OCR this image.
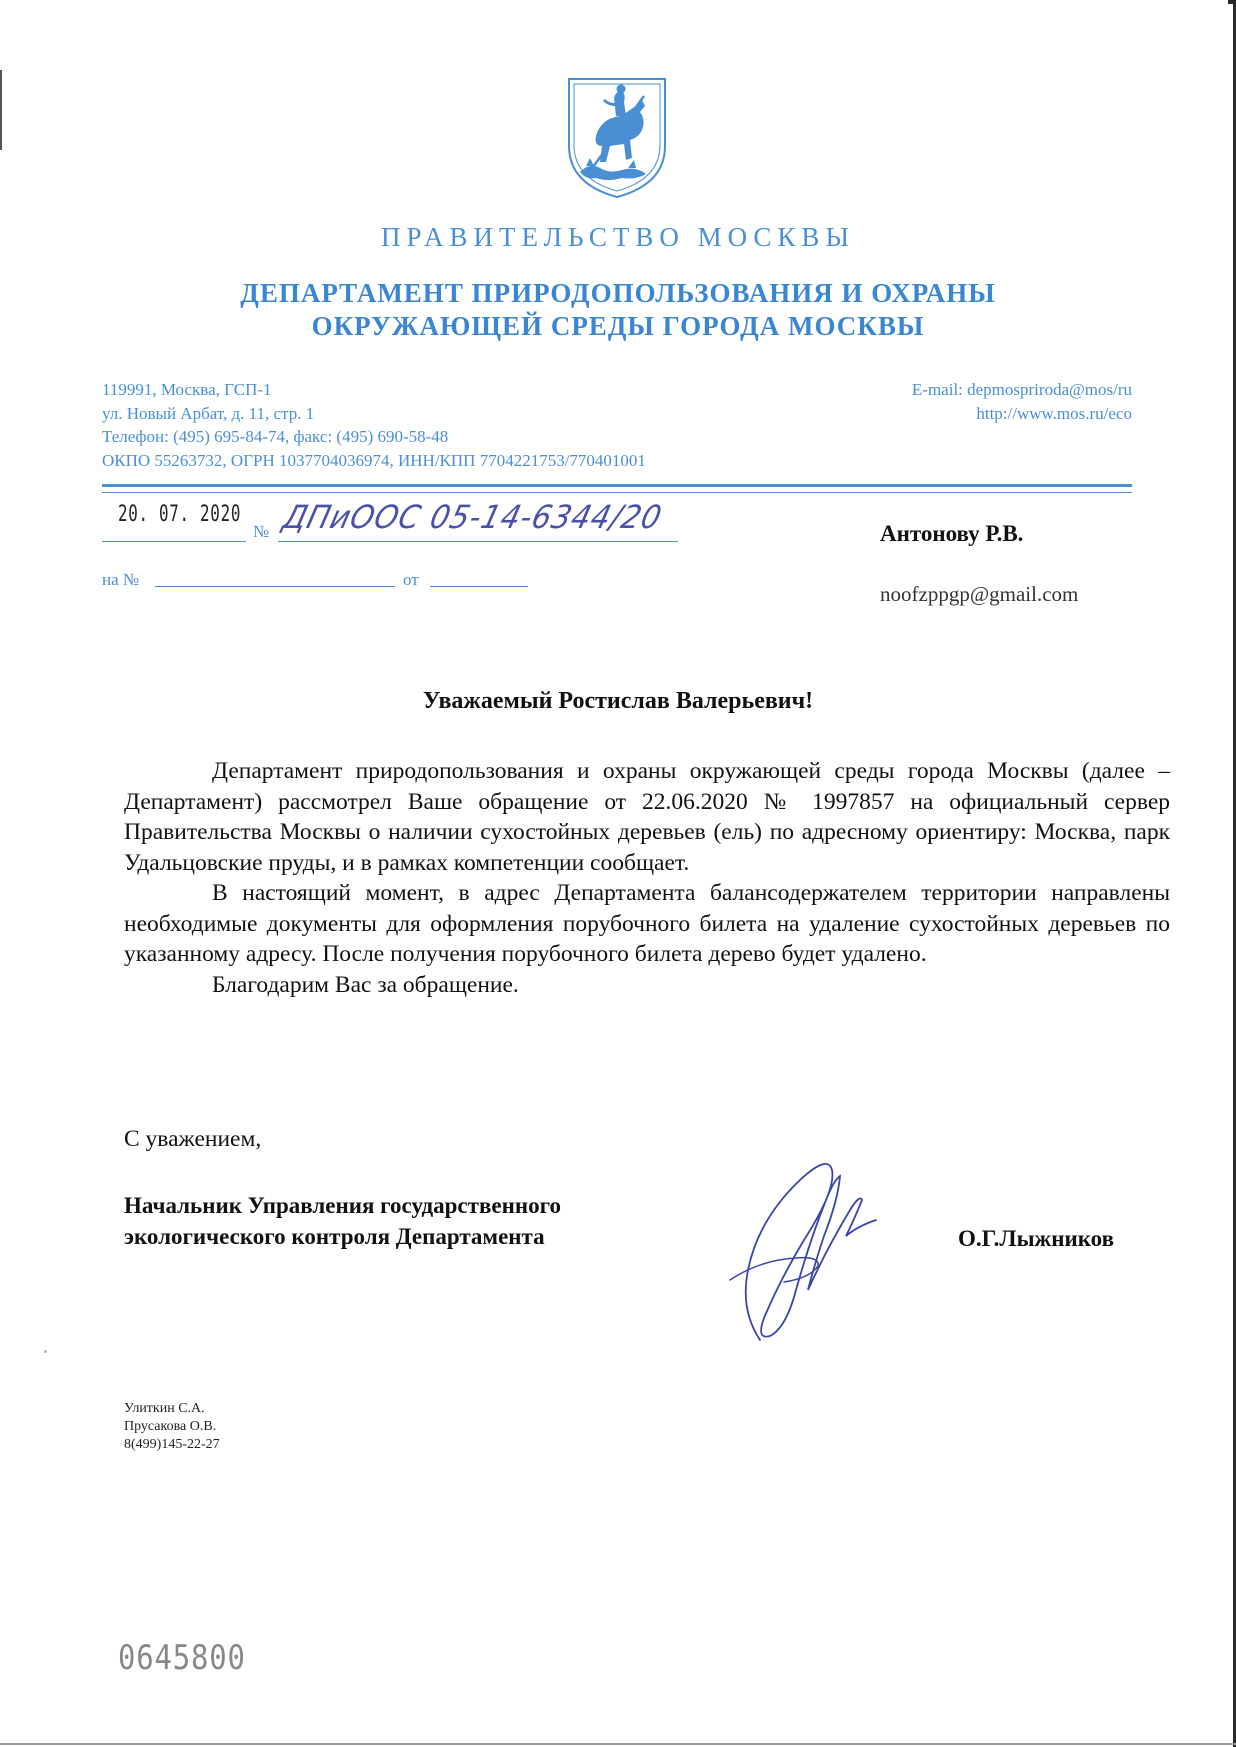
ПРАВИТЕЛЬСТВО МОСКВЫ
ДЕПАРТАМЕНТ ПРИРОДОПОЛЬЗОВАНИЯ И ОХРАНЫ
ОКРУЖАЮЩЕЙ СРЕДЫ ГОРОДА МОСКВЫ
119991, Москва, ГСП-1
ул. Новый Арбат, д. 11, стр. 1
Телефон: (495) 695-84-74, факс: (495) 690-58-48
ОКПО 55263732, ОГРН 1037704036974, ИНН/КПП 7704221753/770401001
E-mail: depmospriroda@mos/ru
http://www.mos.ru/eco
20. 07. 2020
№ ДПиООС 05-14-6344/20
на №	от
Антонову Р.В.
noofzppgp@gmail.com
Уважаемый Ростислав Валерьевич!

Департамент природопользования и охраны окружающей среды города Москвы (далее – Департамент) рассмотрел Ваше обращение от 22.06.2020 № 1997857 на официальный сервер Правительства Москвы о наличии сухостойных деревьев (ель) по адресному ориентиру: Москва, парк Удальцовские пруды, и в рамках компетенции сообщает.

В настоящий момент, в адрес Департамента балансодержателем территории направлены необходимые документы для оформления порубочного билета на удаление сухостойных деревьев по указанному адресу. После получения порубочного билета дерево будет удалено.

Благодарим Вас за обращение.

С уважением,
Начальник Управления государственного
экологического контроля Департамента	О.Г.Лыжников
Улиткин С.А.
Прусакова О.В.
8(499)145-22-27
0645800
